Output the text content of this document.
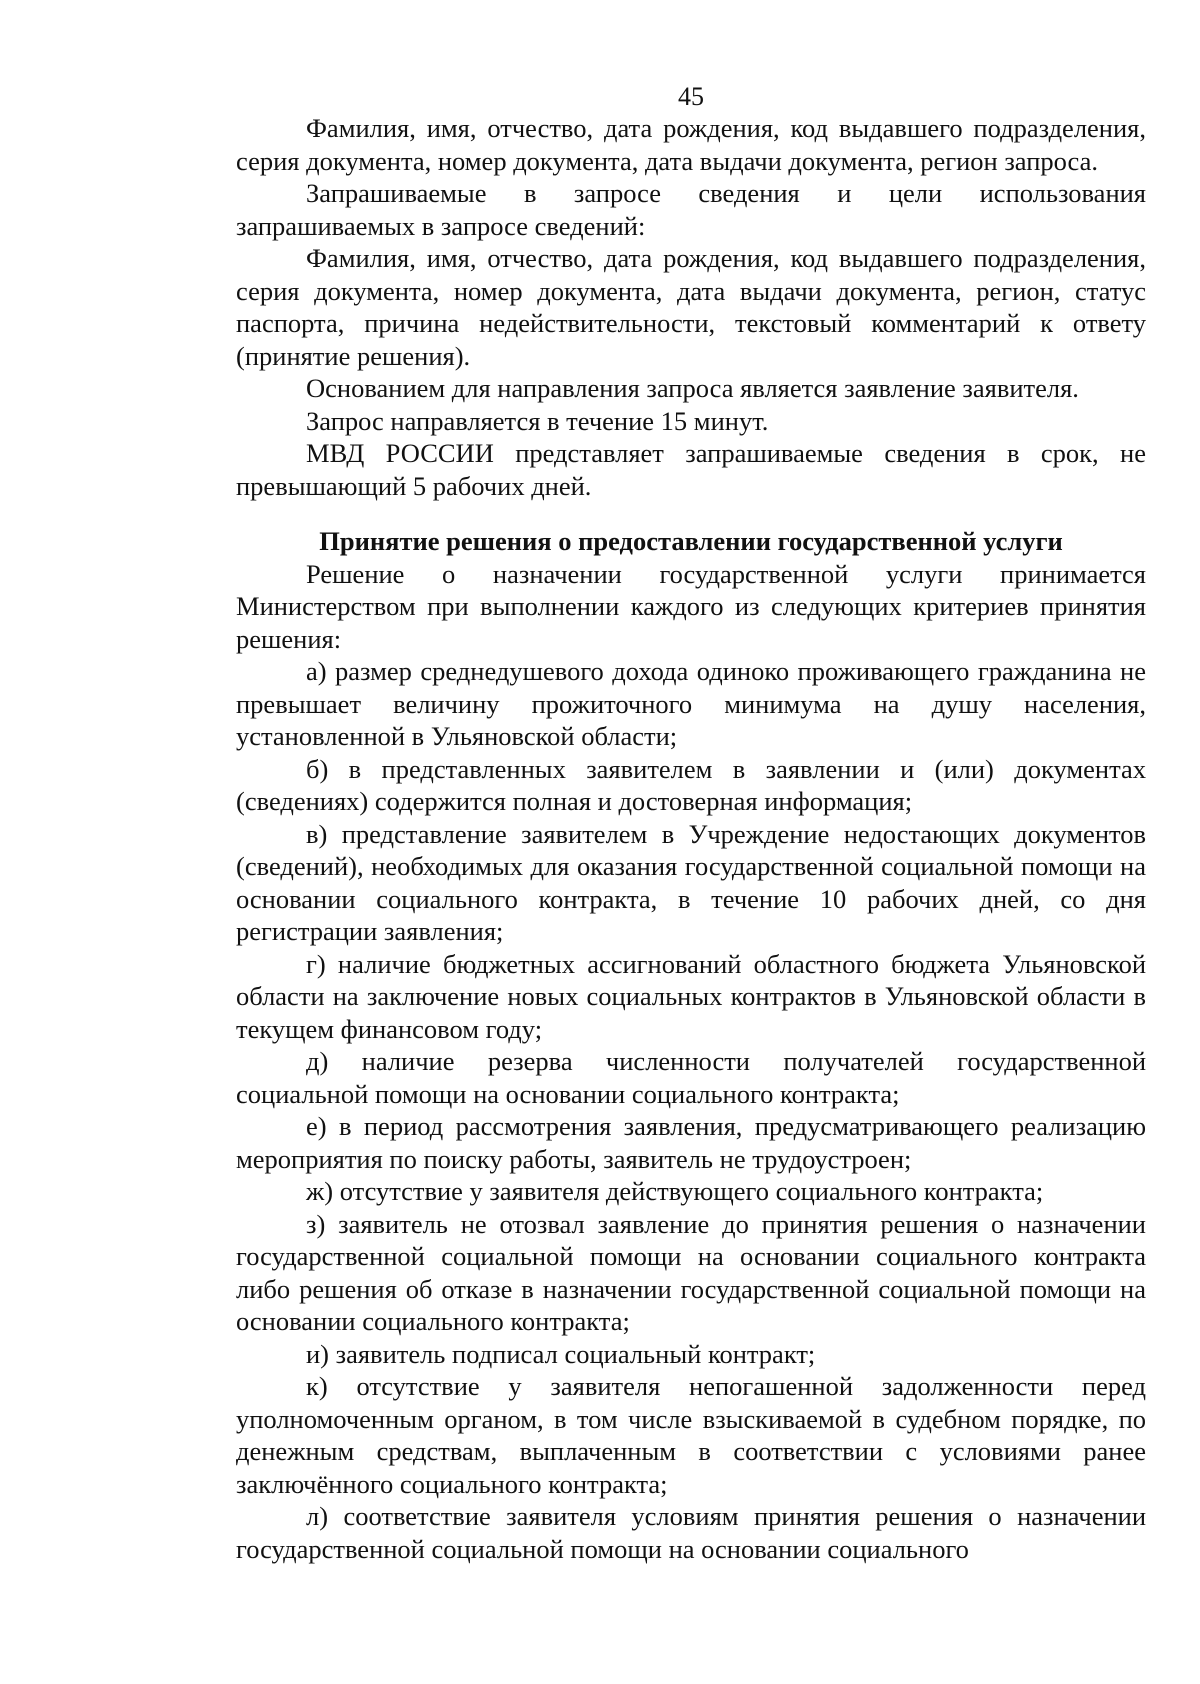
45

Фамилия, имя, отчество, дата рождения, код выдавшего подразделения, серия документа, номер документа, дата выдачи документа, регион запроса.

Запрашиваемые в запросе сведения и цели использования запрашиваемых в запросе сведений:

Фамилия, имя, отчество, дата рождения, код выдавшего подразделения, серия документа, номер документа, дата выдачи документа, регион, статус паспорта, причина недействительности, текстовый комментарий к ответу (принятие решения).

Основанием для направления запроса является заявление заявителя.

Запрос направляется в течение 15 минут.

МВД РОССИИ представляет запрашиваемые сведения в срок, не превышающий 5 рабочих дней.

Принятие решения о предоставлении государственной услуги

Решение о назначении государственной услуги принимается Министерством при выполнении каждого из следующих критериев принятия решения:

а) размер среднедушевого дохода одиноко проживающего гражданина не превышает величину прожиточного минимума на душу населения, установленной в Ульяновской области;

б) в представленных заявителем в заявлении и (или) документах (сведениях) содержится полная и достоверная информация;

в) представление заявителем в Учреждение недостающих документов (сведений), необходимых для оказания государственной социальной помощи на основании социального контракта, в течение 10 рабочих дней, со дня регистрации заявления;

г) наличие бюджетных ассигнований областного бюджета Ульяновской области на заключение новых социальных контрактов в Ульяновской области в текущем финансовом году;

д) наличие резерва численности получателей государственной социальной помощи на основании социального контракта;

е) в период рассмотрения заявления, предусматривающего реализацию мероприятия по поиску работы, заявитель не трудоустроен;

ж) отсутствие у заявителя действующего социального контракта;

з) заявитель не отозвал заявление до принятия решения о назначении государственной социальной помощи на основании социального контракта либо решения об отказе в назначении государственной социальной помощи на основании социального контракта;

и) заявитель подписал социальный контракт;

к) отсутствие у заявителя непогашенной задолженности перед уполномоченным органом, в том числе взыскиваемой в судебном порядке, по денежным средствам, выплаченным в соответствии с условиями ранее заключённого социального контракта;

л) соответствие заявителя условиям принятия решения о назначении государственной социальной помощи на основании социального
